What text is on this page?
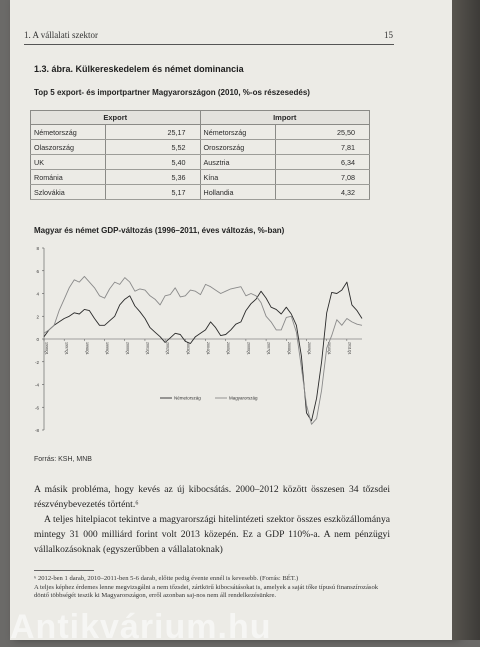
1. A vállalati szektor	15
1.3. ábra. Külkereskedelem és német dominancia
Top 5 export- és importpartner Magyarországon (2010, %-os részesedés)
Export		Import	
Németország	25,17	Németország	25,50
Olaszország	5,52	Oroszország	7,81
UK	5,40	Ausztria	6,34
Románia	5,36	Kína	7,08
Szlovákia	5,17	Hollandia	4,32
Magyar és német GDP-változás (1996–2011, éves változás, %-ban)
8
6
4
2
0
-2
-4
-6
-8
1996Q1	1997Q1	1998Q1	1999Q1	2000Q1	2001Q1	2002Q1	2003Q1	2004Q1	2005Q1	2006Q1	2007Q1	2008Q1	2009Q1	2010Q1	2011Q1
Németország	Magyarország
Forrás: KSH, MNB

A másik probléma, hogy kevés az új kibocsátás. 2000–2012 között összesen 34 tőzsdei részvénybevezetés történt.⁶

A teljes hitelpiacot tekintve a magyarországi hitelintézeti szektor összes eszközállománya mintegy 31 000 milliárd forint volt 2013 közepén. Ez a GDP 110%-a. A nem pénzügyi vállalkozásoknak (egyszerűbben a vállalatoknak)

⁶ 2012-ben 1 darab, 2010–2011-ben 5-6 darab, előtte pedig évente ennél is kevesebb. (Forrás: BÉT.)

A teljes képhez érdemes lenne megvizsgálni a nem tőzsdei, zártkörű kibocsátásokat is, amelyek a saját tőke típusú finanszírozások döntő többségét teszik ki Magyarországon, erről azonban saj-nos nem áll rendelkezésünkre.

Antikvárium.hu
